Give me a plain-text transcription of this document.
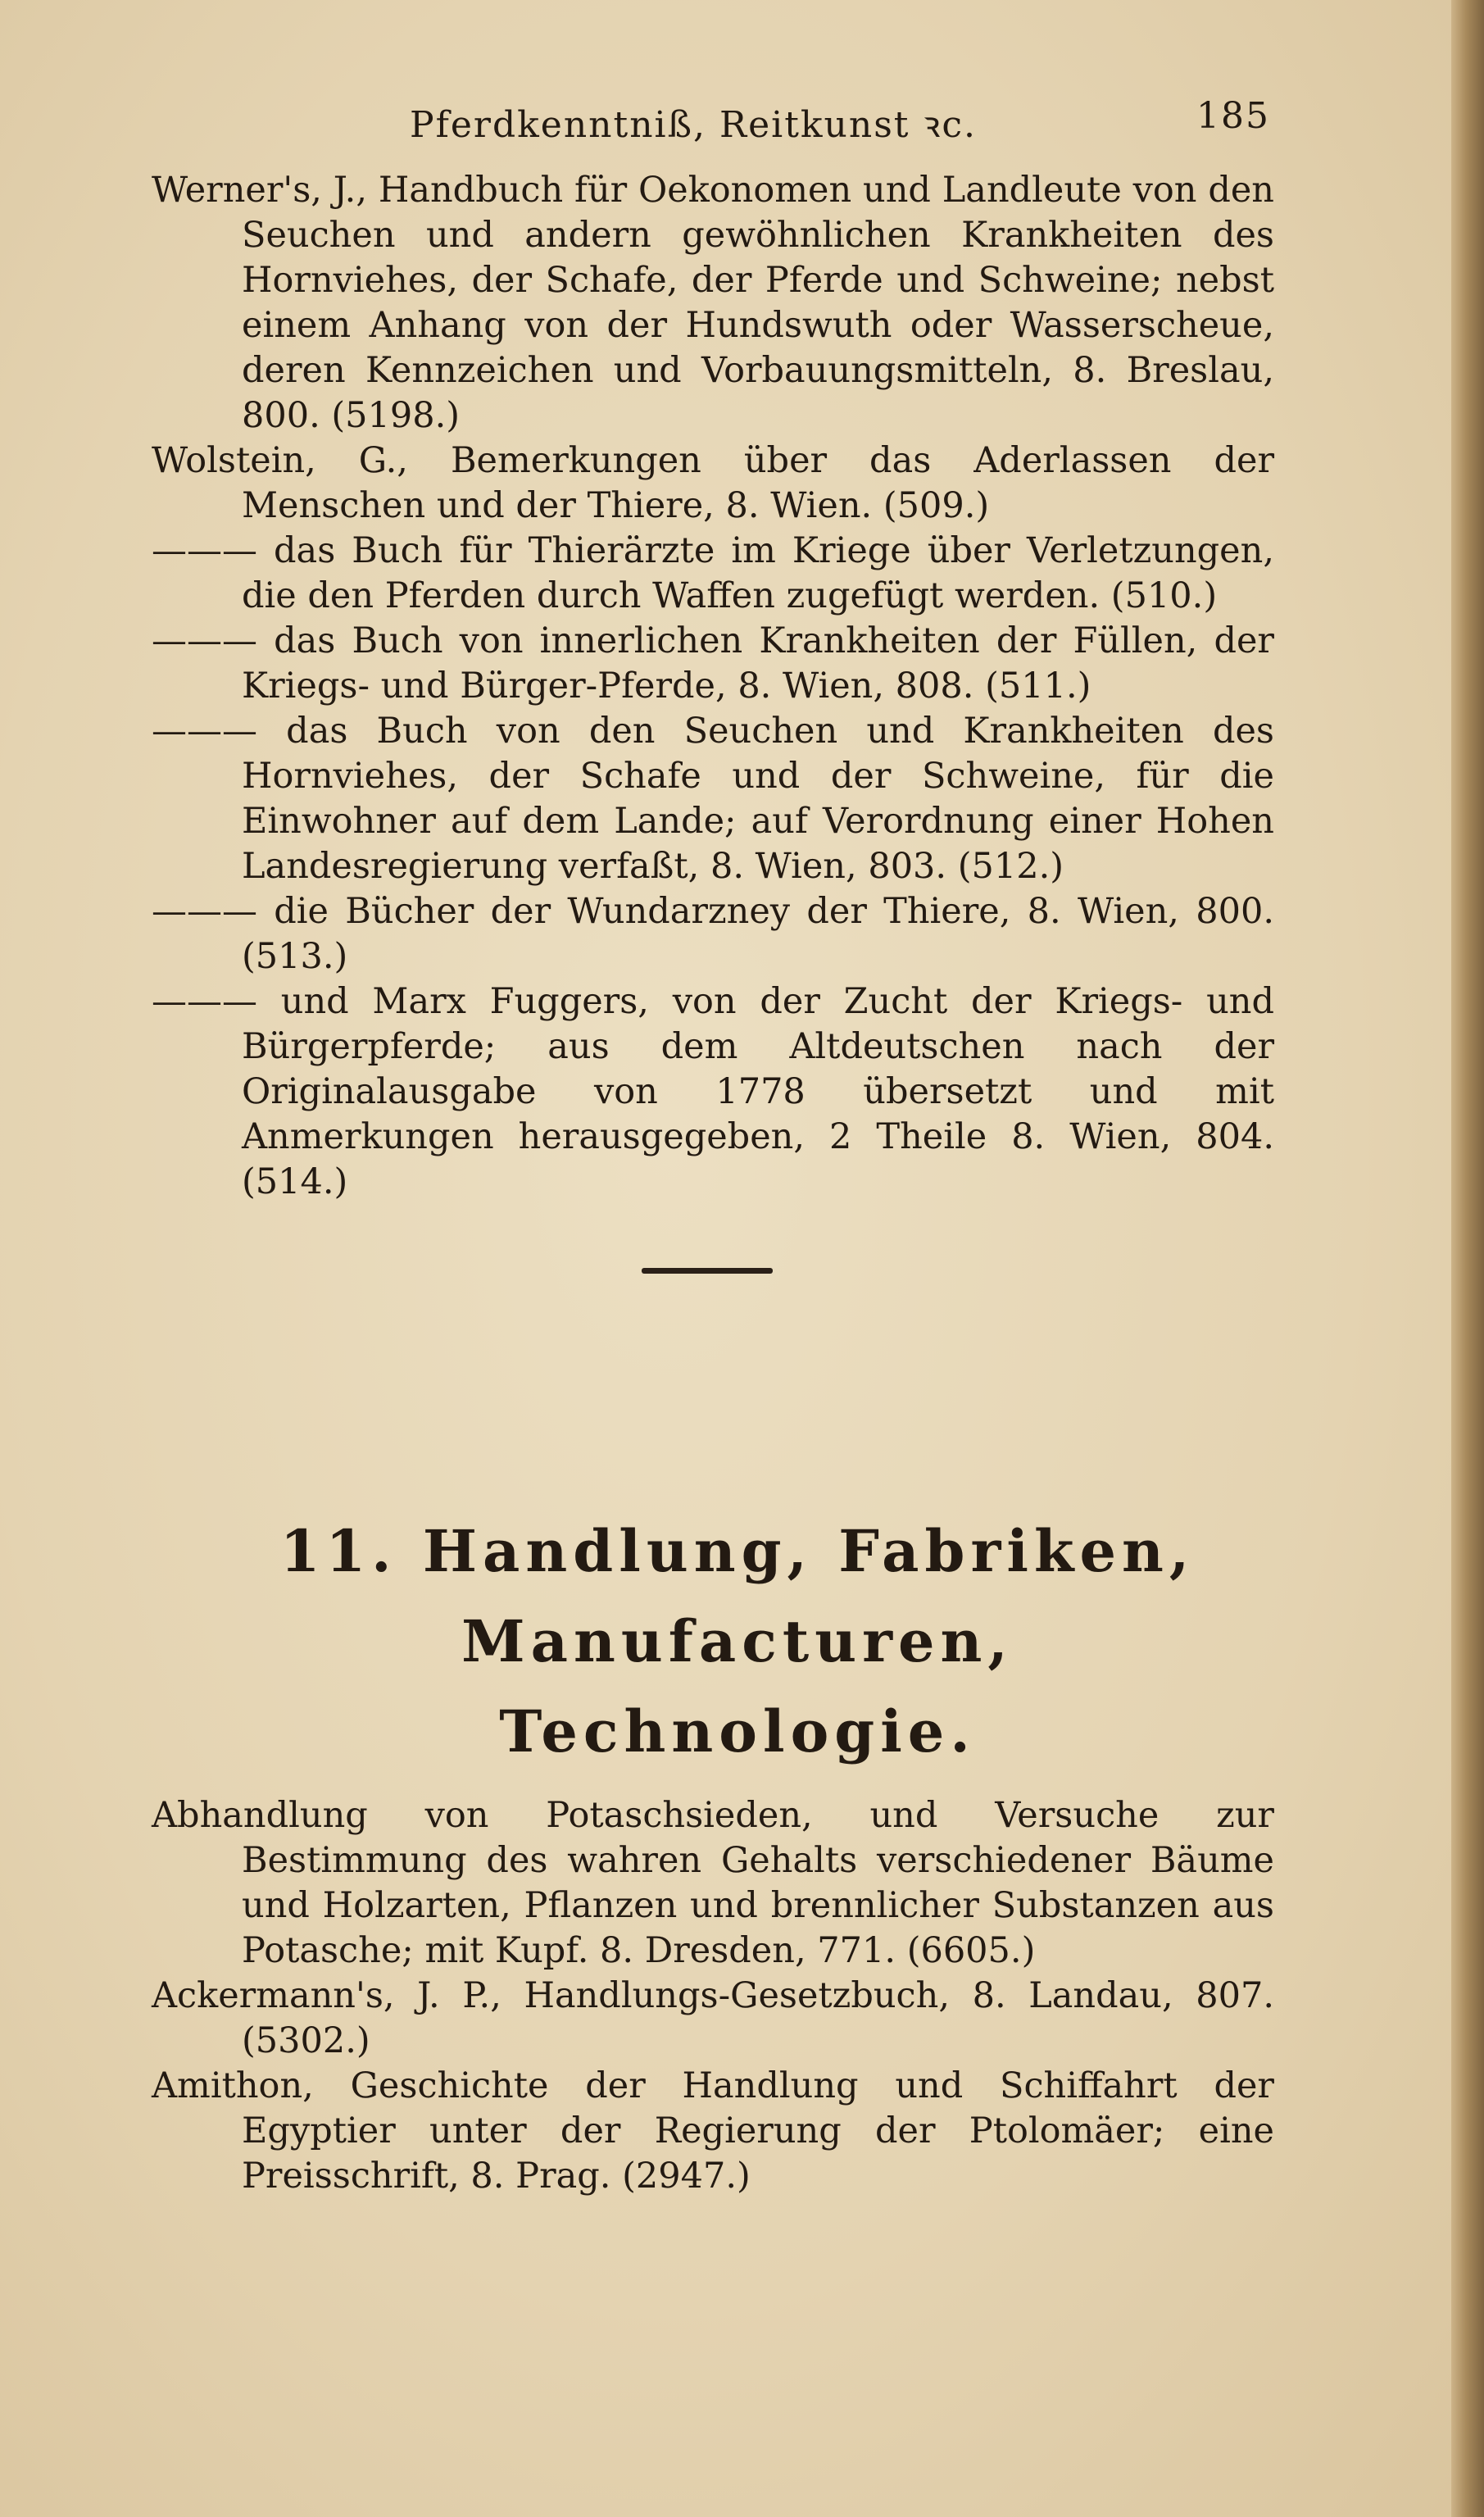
Pferdkenntniß, Reitkunst ꝛc.	185

Werner's, J., Handbuch für Oekonomen und Landleute von den Seuchen und andern gewöhnlichen Krankheiten des Hornviehes, der Schafe, der Pferde und Schweine; nebst einem Anhang von der Hundswuth oder Wasserscheue, deren Kennzeichen und Vorbauungsmitteln, 8. Breslau, 800. (5198.)

Wolstein, G., Bemerkungen über das Aderlassen der Menschen und der Thiere, 8. Wien. (509.)

——— das Buch für Thierärzte im Kriege über Verletzungen, die den Pferden durch Waffen zugefügt werden. (510.)

——— das Buch von innerlichen Krankheiten der Füllen, der Kriegs- und Bürger-Pferde, 8. Wien, 808. (511.)

——— das Buch von den Seuchen und Krankheiten des Hornviehes, der Schafe und der Schweine, für die Einwohner auf dem Lande; auf Verordnung einer Hohen Landesregierung verfaßt, 8. Wien, 803. (512.)

——— die Bücher der Wundarzney der Thiere, 8. Wien, 800. (513.)

——— und Marx Fuggers, von der Zucht der Kriegs- und Bürgerpferde; aus dem Altdeutschen nach der Originalausgabe von 1778 übersetzt und mit Anmerkungen herausgegeben, 2 Theile 8. Wien, 804. (514.)

11. Handlung, Fabriken, Manufacturen,
Technologie.

Abhandlung von Potaschsieden, und Versuche zur Bestimmung des wahren Gehalts verschiedener Bäume und Holzarten, Pflanzen und brennlicher Substanzen aus Potasche; mit Kupf. 8. Dresden, 771. (6605.)

Ackermann's, J. P., Handlungs-Gesetzbuch, 8. Landau, 807. (5302.)

Amithon, Geschichte der Handlung und Schiffahrt der Egyptier unter der Regierung der Ptolomäer; eine Preisschrift, 8. Prag. (2947.)
